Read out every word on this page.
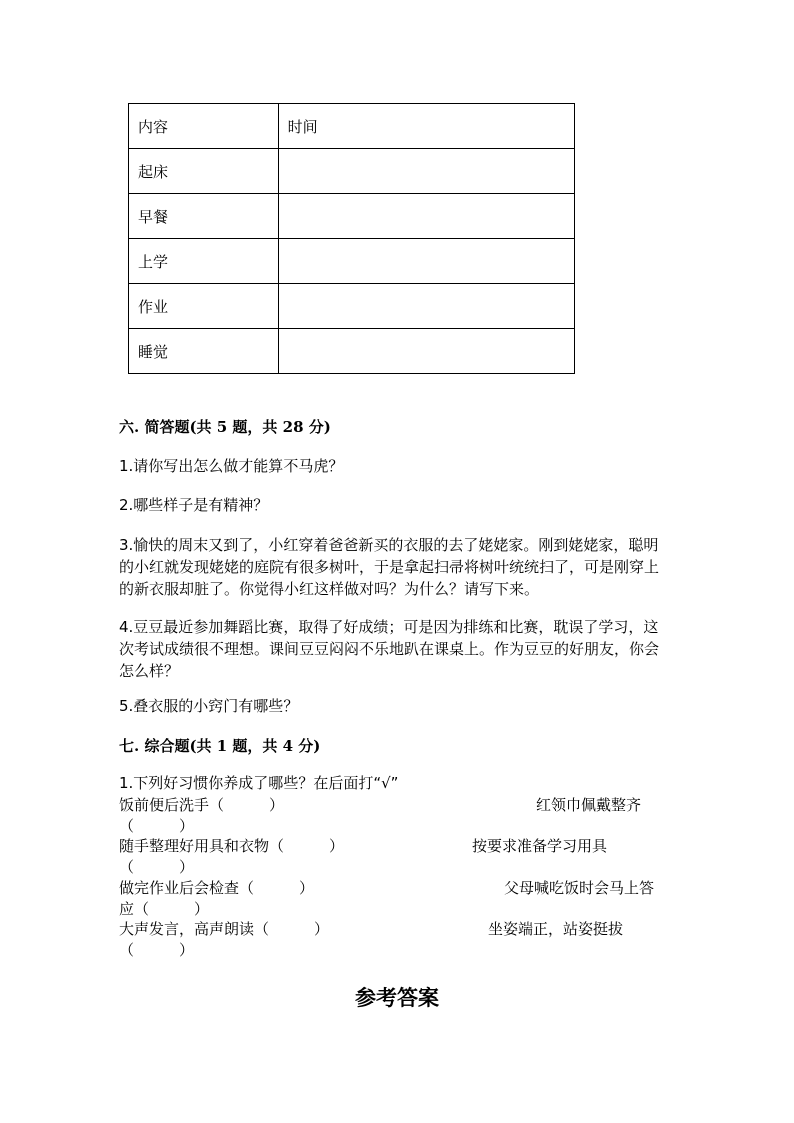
内容	时间
起床	
早餐	
上学	
作业	
睡觉	
六. 简答题(共 5 题，共 28 分)
1.请你写出怎么做才能算不马虎？
2.哪些样子是有精神？
3.愉快的周末又到了，小红穿着爸爸新买的衣服的去了姥姥家。刚到姥姥家，聪明的小红就发现姥姥的庭院有很多树叶，于是拿起扫帚将树叶统统扫了，可是刚穿上的新衣服却脏了。你觉得小红这样做对吗？为什么？请写下来。
4.豆豆最近参加舞蹈比赛，取得了好成绩；可是因为排练和比赛，耽误了学习，这次考试成绩很不理想。课间豆豆闷闷不乐地趴在课桌上。作为豆豆的好朋友，你会怎么样？
5.叠衣服的小窍门有哪些？
七. 综合题(共 1 题，共 4 分)
1.下列好习惯你养成了哪些？在后面打“√”
饭前便后洗手（　　　）	红领巾佩戴整齐
（　　　）
随手整理好用具和衣物（　　　）	按要求准备学习用具
（　　　）
做完作业后会检查（　　　）	父母喊吃饭时会马上答
应（　　　）
大声发言，高声朗读（　　　）	坐姿端正，站姿挺拔
（　　　）
参考答案
